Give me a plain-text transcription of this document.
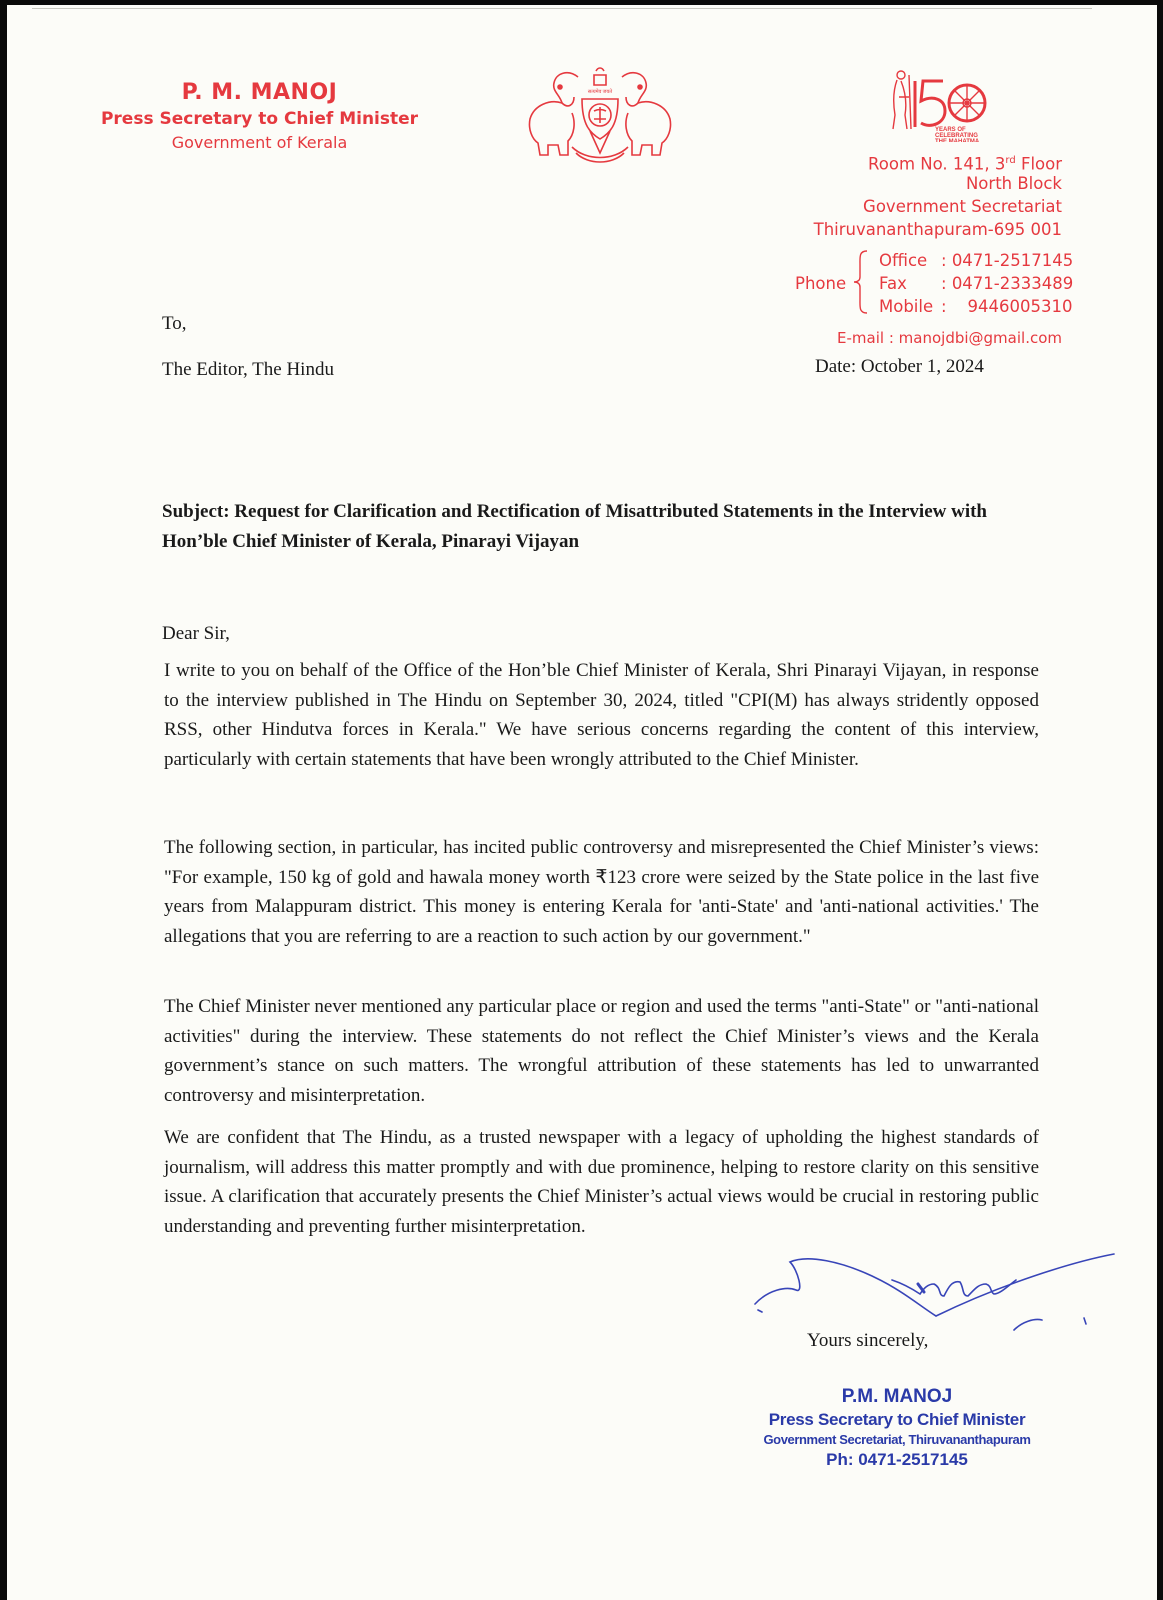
P. M. MANOJ
Press Secretary to Chief Minister
Government of Kerala
सत्यमेव जयते
YEARS OF
CELEBRATING
THE MAHATMA
Room No. 141, 3rd Floor
North Block
Government Secretariat
Thiruvananthapuram-695 001
Phone
Office : 0471-2517145
Fax : 0471-2333489
Mobile : 9446005310
E-mail : manojdbi@gmail.com
To,
The Editor, The Hindu	Date: October 1, 2024
Subject: Request for Clarification and Rectification of Misattributed Statements in the Interview with Hon’ble Chief Minister of Kerala, Pinarayi Vijayan
Dear Sir,
I write to you on behalf of the Office of the Hon’ble Chief Minister of Kerala, Shri Pinarayi Vijayan, in response to the interview published in The Hindu on September 30, 2024, titled "CPI(M) has always stridently opposed RSS, other Hindutva forces in Kerala." We have serious concerns regarding the content of this interview, particularly with certain statements that have been wrongly attributed to the Chief Minister.
The following section, in particular, has incited public controversy and misrepresented the Chief Minister’s views: "For example, 150 kg of gold and hawala money worth ₹123 crore were seized by the State police in the last five years from Malappuram district. This money is entering Kerala for 'anti-State' and 'anti-national activities.' The allegations that you are referring to are a reaction to such action by our government."
The Chief Minister never mentioned any particular place or region and used the terms "anti-State" or "anti-national activities" during the interview. These statements do not reflect the Chief Minister’s views and the Kerala government’s stance on such matters. The wrongful attribution of these statements has led to unwarranted controversy and misinterpretation.
We are confident that The Hindu, as a trusted newspaper with a legacy of upholding the highest standards of journalism, will address this matter promptly and with due prominence, helping to restore clarity on this sensitive issue. A clarification that accurately presents the Chief Minister’s actual views would be crucial in restoring public understanding and preventing further misinterpretation.
Yours sincerely,
P.M. MANOJ
Press Secretary to Chief Minister
Government Secretariat, Thiruvananthapuram
Ph: 0471-2517145
